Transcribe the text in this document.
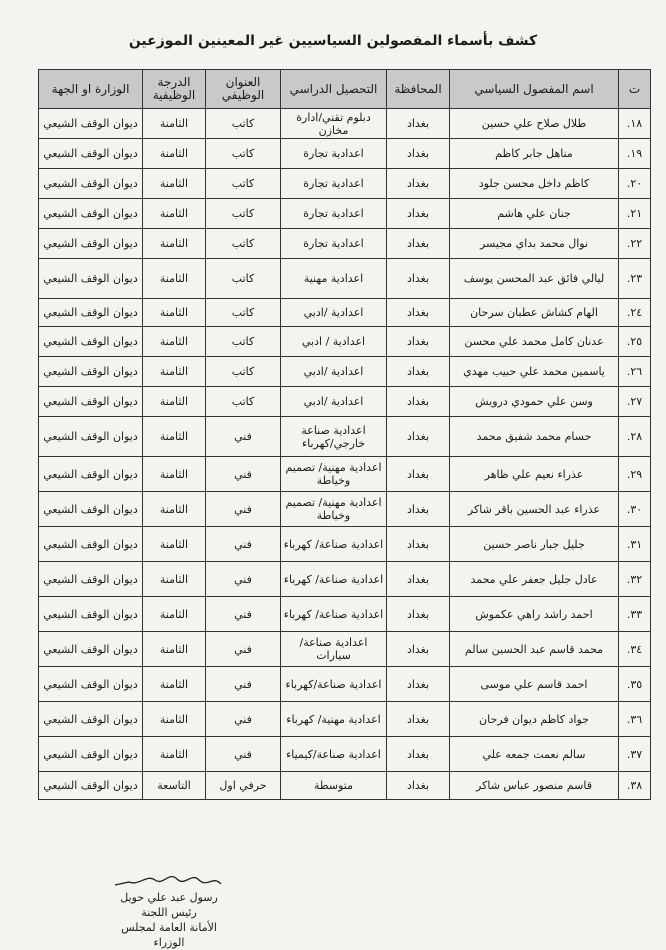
كشف بأسماء المفصولين السياسيين غير المعينين الموزعين
ت	اسم المفصول السياسي	المحافظة	التحصيل الدراسي	العنوان الوظيفي	الدرجة الوظيفية	الوزارة او الجهة
١٨.	طلال صلاح علي حسين	بغداد	دبلوم تقني/ادارة مخازن	كاتب	الثامنة	ديوان الوقف الشيعي
١٩.	مناهل جابر كاظم	بغداد	اعدادية تجارة	كاتب	الثامنة	ديوان الوقف الشيعي
٢٠.	كاظم داخل محسن جلود	بغداد	اعدادية تجارة	كاتب	الثامنة	ديوان الوقف الشيعي
٢١.	جنان علي هاشم	بغداد	اعدادية تجارة	كاتب	الثامنة	ديوان الوقف الشيعي
٢٢.	نوال محمد بداي مجيسر	بغداد	اعدادية تجارة	كاتب	الثامنة	ديوان الوقف الشيعي
٢٣.	ليالي فائق عبد المحسن يوسف	بغداد	اعدادية مهنية	كاتب	الثامنة	ديوان الوقف الشيعي
٢٤.	الهام كشاش عطبان سرحان	بغداد	اعدادية /ادبي	كاتب	الثامنة	ديوان الوقف الشيعي
٢٥.	عدنان كامل محمد علي محسن	بغداد	اعدادية / ادبي	كاتب	الثامنة	ديوان الوقف الشيعي
٢٦.	ياسمين محمد علي حبيب مهدي	بغداد	اعدادية /ادبي	كاتب	الثامنة	ديوان الوقف الشيعي
٢٧.	وسن علي حمودي درويش	بغداد	اعدادية /ادبي	كاتب	الثامنة	ديوان الوقف الشيعي
٢٨.	حسام محمد شفيق محمد	بغداد	اعدادية صناعة خارجي/كهرباء	فني	الثامنة	ديوان الوقف الشيعي
٢٩.	عذراء نعيم علي ظاهر	بغداد	اعدادية مهنية/ تصميم وخياطة	فني	الثامنة	ديوان الوقف الشيعي
٣٠.	عذراء عبد الحسين باقر شاكر	بغداد	اعدادية مهنية/ تصميم وخياطة	فني	الثامنة	ديوان الوقف الشيعي
٣١.	جليل جبار ناصر حسين	بغداد	اعدادية صناعة/ كهرباء	فني	الثامنة	ديوان الوقف الشيعي
٣٢.	عادل جليل جعفر علي محمد	بغداد	اعدادية صناعة/ كهرباء	فني	الثامنة	ديوان الوقف الشيعي
٣٣.	احمد راشد راهي عكموش	بغداد	اعدادية صناعة/ كهرباء	فني	الثامنة	ديوان الوقف الشيعي
٣٤.	محمد قاسم عبد الحسين سالم	بغداد	اعدادية صناعة/ سيارات	فني	الثامنة	ديوان الوقف الشيعي
٣٥.	احمد قاسم علي موسى	بغداد	اعدادية صناعة/كهرباء	فني	الثامنة	ديوان الوقف الشيعي
٣٦.	جواد كاظم ديوان فرحان	بغداد	اعدادية مهنية/ كهرباء	فني	الثامنة	ديوان الوقف الشيعي
٣٧.	سالم نعمت جمعه علي	بغداد	اعدادية صناعة/كيمياء	فني	الثامنة	ديوان الوقف الشيعي
٣٨.	قاسم منصور عباس شاكر	بغداد	متوسطة	حرفي اول	التاسعة	ديوان الوقف الشيعي
رسول عبد علي حويل
رئيس اللجنة
الأمانة العامة لمجلس الوزراء
